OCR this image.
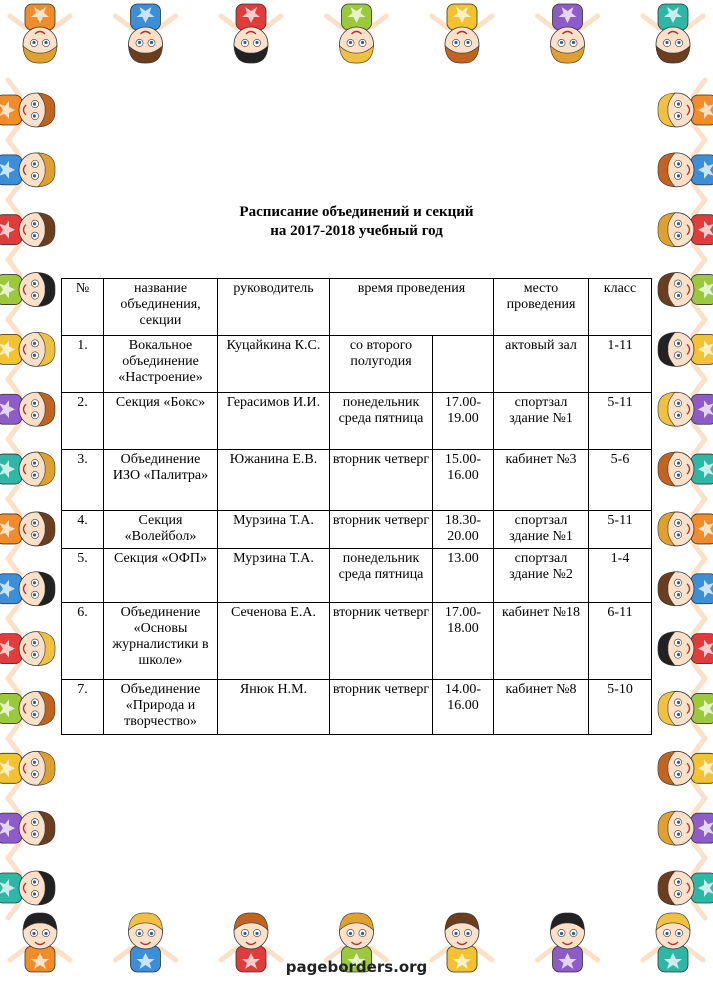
Расписание объединений и секций
на 2017-2018 учебный год
№	название объединения, секции	руководитель	время проведения		место проведения	класс
1.	Вокальное объединение «Настроение»	Куцайкина К.С.	со второго полугодия		актовый зал	1-11
2.	Секция «Бокс»	Герасимов И.И.	понедельник среда пятница	17.00-19.00	спортзал здание №1	5-11
3.	Объединение ИЗО «Палитра»	Южанина Е.В.	вторник четверг	15.00-16.00	кабинет №3	5-6
4.	Секция «Волейбол»	Мурзина Т.А.	вторник четверг	18.30-20.00	спортзал здание №1	5-11
5.	Секция «ОФП»	Мурзина Т.А.	понедельник среда пятница	13.00	спортзал здание №2	1-4
6.	Объединение «Основы журналистики в школе»	Сеченова Е.А.	вторник четверг	17.00-18.00	кабинет №18	6-11
7.	Объединение «Природа и творчество»	Янюк Н.М.	вторник четверг	14.00-16.00	кабинет №8	5-10
pageborders.org
